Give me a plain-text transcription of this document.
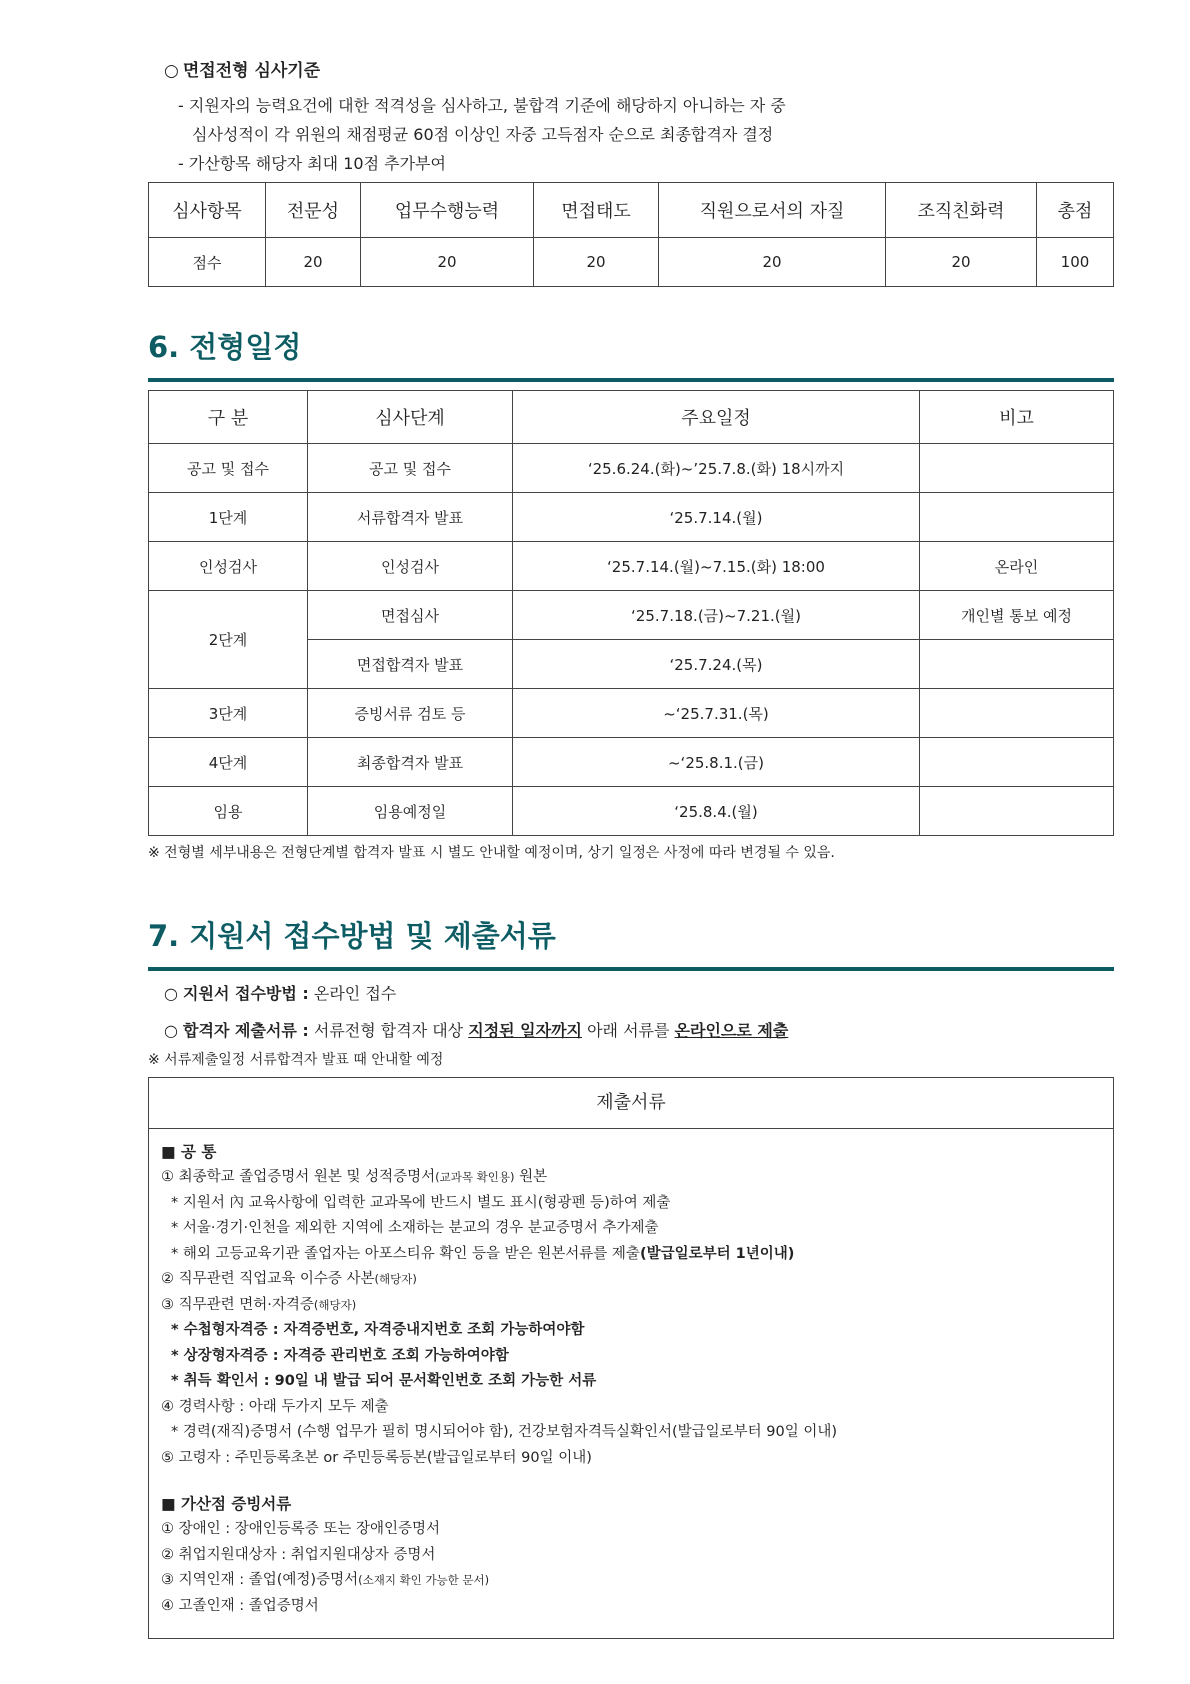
○ 면접전형 심사기준
- 지원자의 능력요건에 대한 적격성을 심사하고, 불합격 기준에 해당하지 아니하는 자 중
심사성적이 각 위원의 채점평균 60점 이상인 자중 고득점자 순으로 최종합격자 결정
- 가산항목 해당자 최대 10점 추가부여
심사항목	전문성	업무수행능력	면접태도	직원으로서의 자질	조직친화력	총점
점수	20	20	20	20	20	100
6. 전형일정
구 분	심사단계	주요일정	비고
공고 및 접수	공고 및 접수	‘25.6.24.(화)~’25.7.8.(화) 18시까지	
1단계	서류합격자 발표	‘25.7.14.(월)	
인성검사	인성검사	‘25.7.14.(월)~7.15.(화) 18:00	온라인
2단계	면접심사	‘25.7.18.(금)~7.21.(월)	개인별 통보 예정
	면접합격자 발표	‘25.7.24.(목)	
3단계	증빙서류 검토 등	~‘25.7.31.(목)	
4단계	최종합격자 발표	~‘25.8.1.(금)	
임용	임용예정일	‘25.8.4.(월)	
※ 전형별 세부내용은 전형단계별 합격자 발표 시 별도 안내할 예정이며, 상기 일정은 사정에 따라 변경될 수 있음.
7. 지원서 접수방법 및 제출서류
○ 지원서 접수방법 : 온라인 접수
○ 합격자 제출서류 : 서류전형 합격자 대상 지정된 일자까지 아래 서류를 온라인으로 제출
※ 서류제출일정 서류합격자 발표 때 안내할 예정
제출서류
■ 공 통
① 최종학교 졸업증명서 원본 및 성적증명서(교과목 확인용) 원본
* 지원서 內 교육사항에 입력한 교과목에 반드시 별도 표시(형광펜 등)하여 제출
* 서울·경기·인천을 제외한 지역에 소재하는 분교의 경우 분교증명서 추가제출
* 해외 고등교육기관 졸업자는 아포스티유 확인 등을 받은 원본서류를 제출(발급일로부터 1년이내)
② 직무관련 직업교육 이수증 사본(해당자)
③ 직무관련 면허·자격증(해당자)
* 수첩형자격증 : 자격증번호, 자격증내지번호 조회 가능하여야함
* 상장형자격증 : 자격증 관리번호 조회 가능하여야함
* 취득 확인서 : 90일 내 발급 되어 문서확인번호 조회 가능한 서류
④ 경력사항 : 아래 두가지 모두 제출
* 경력(재직)증명서 (수행 업무가 필히 명시되어야 함), 건강보험자격득실확인서(발급일로부터 90일 이내)
⑤ 고령자 : 주민등록초본 or 주민등록등본(발급일로부터 90일 이내)
■ 가산점 증빙서류
① 장애인 : 장애인등록증 또는 장애인증명서
② 취업지원대상자 : 취업지원대상자 증명서
③ 지역인재 : 졸업(예정)증명서(소재지 확인 가능한 문서)
④ 고졸인재 : 졸업증명서
